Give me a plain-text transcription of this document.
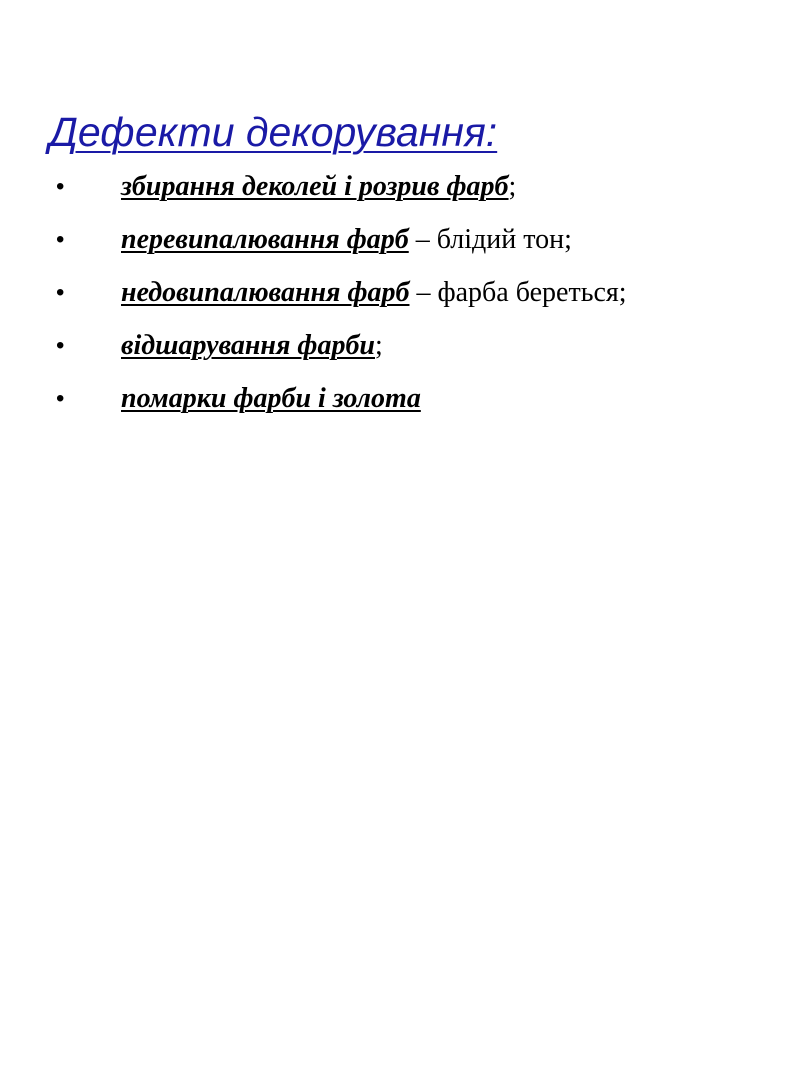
Дефекти декорування:
• збирання деколей і розрив фарб;
• перевипалювання фарб – блідий тон;
• недовипалювання фарб – фарба береться;
• відшарування фарби;
• помарки фарби і золота
